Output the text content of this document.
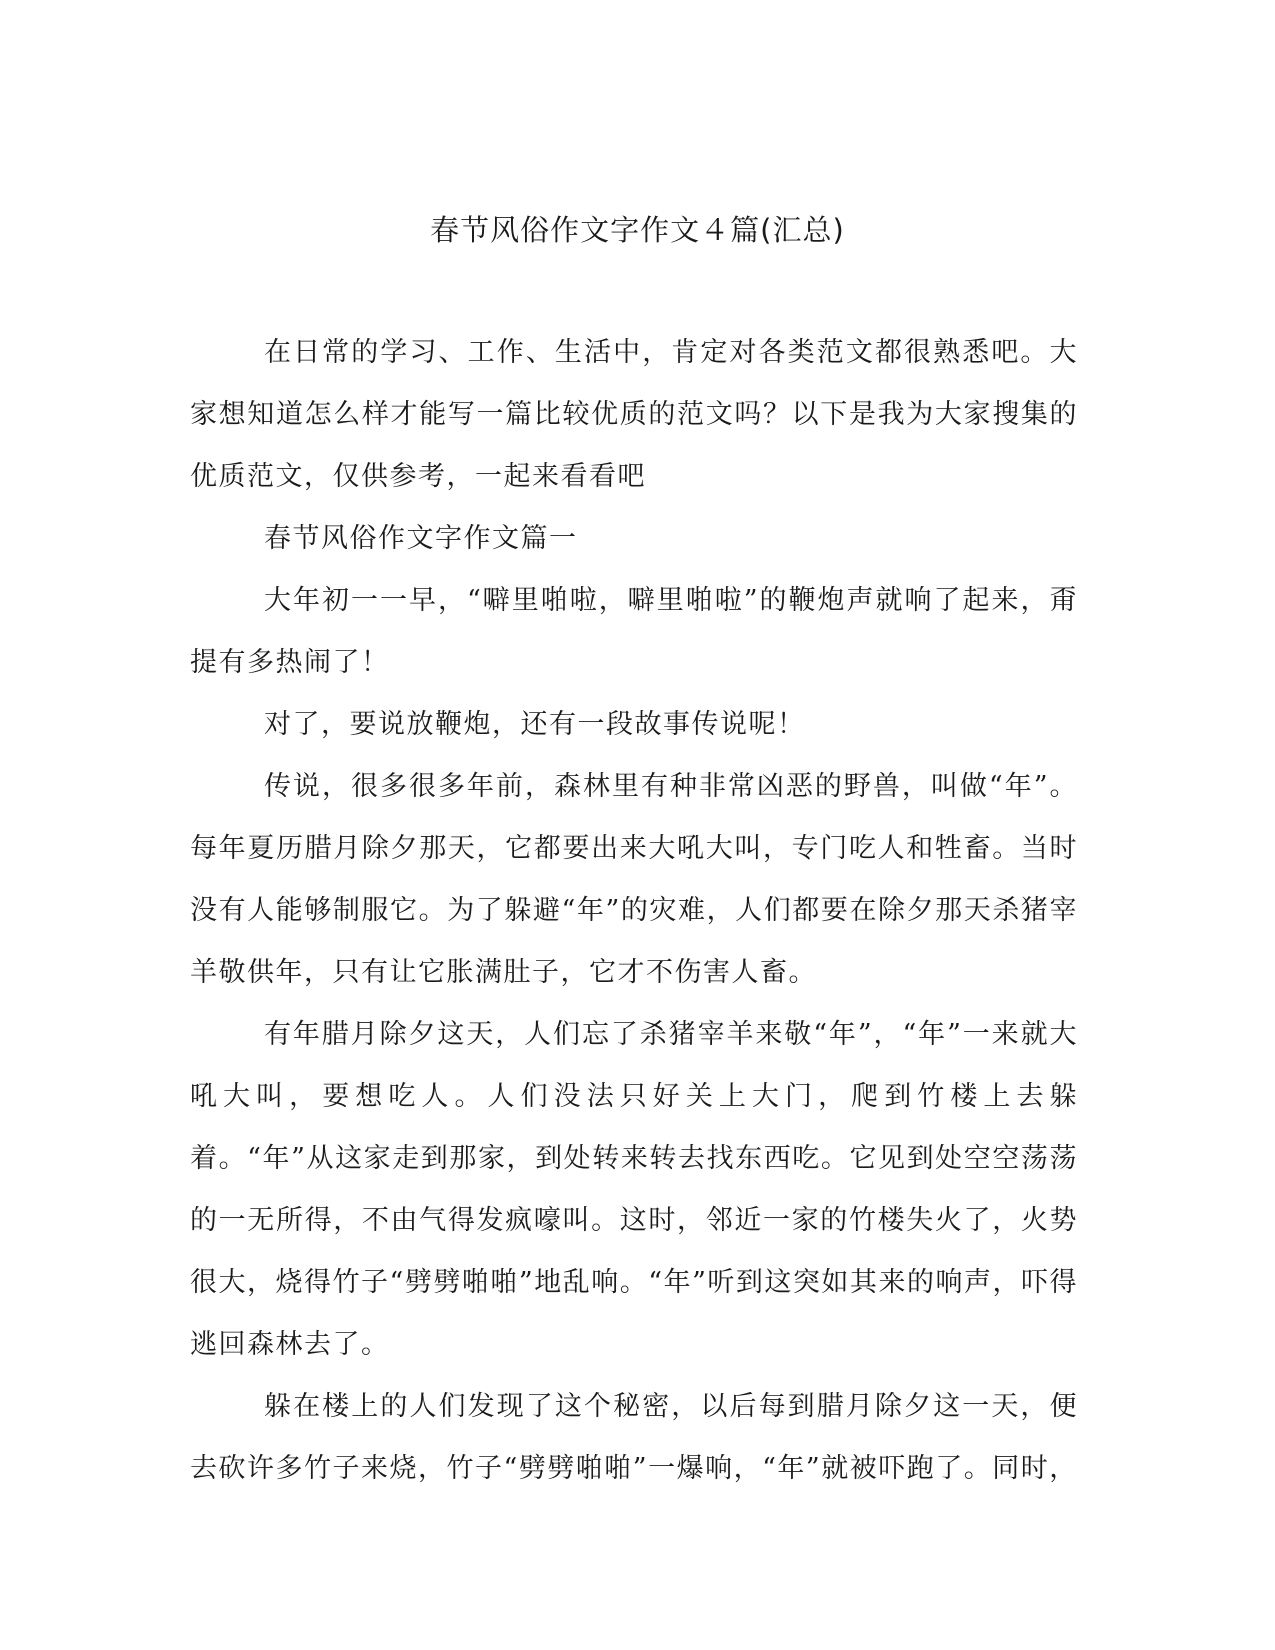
春节风俗作文字作文４篇(汇总)

在日常的学习、工作、生活中，肯定对各类范文都很熟悉吧。大家想知道怎么样才能写一篇比较优质的范文吗？以下是我为大家搜集的优质范文，仅供参考，一起来看看吧

春节风俗作文字作文篇一

大年初一一早，“噼里啪啦，噼里啪啦”的鞭炮声就响了起来，甭提有多热闹了！

对了，要说放鞭炮，还有一段故事传说呢！

传说，很多很多年前，森林里有种非常凶恶的野兽，叫做“年”。每年夏历腊月除夕那天，它都要出来大吼大叫，专门吃人和牲畜。当时没有人能够制服它。为了躲避“年”的灾难，人们都要在除夕那天杀猪宰羊敬供年，只有让它胀满肚子，它才不伤害人畜。

有年腊月除夕这天，人们忘了杀猪宰羊来敬“年”，“年”一来就大吼大叫，要想吃人。人们没法只好关上大门，爬到竹楼上去躲着。“年”从这家走到那家，到处转来转去找东西吃。它见到处空空荡荡的一无所得，不由气得发疯嚎叫。这时，邻近一家的竹楼失火了，火势很大，烧得竹子“劈劈啪啪”地乱响。“年”听到这突如其来的响声，吓得逃回森林去了。

躲在楼上的人们发现了这个秘密，以后每到腊月除夕这一天，便去砍许多竹子来烧，竹子“劈劈啪啪”一爆响，“年”就被吓跑了。同时，
